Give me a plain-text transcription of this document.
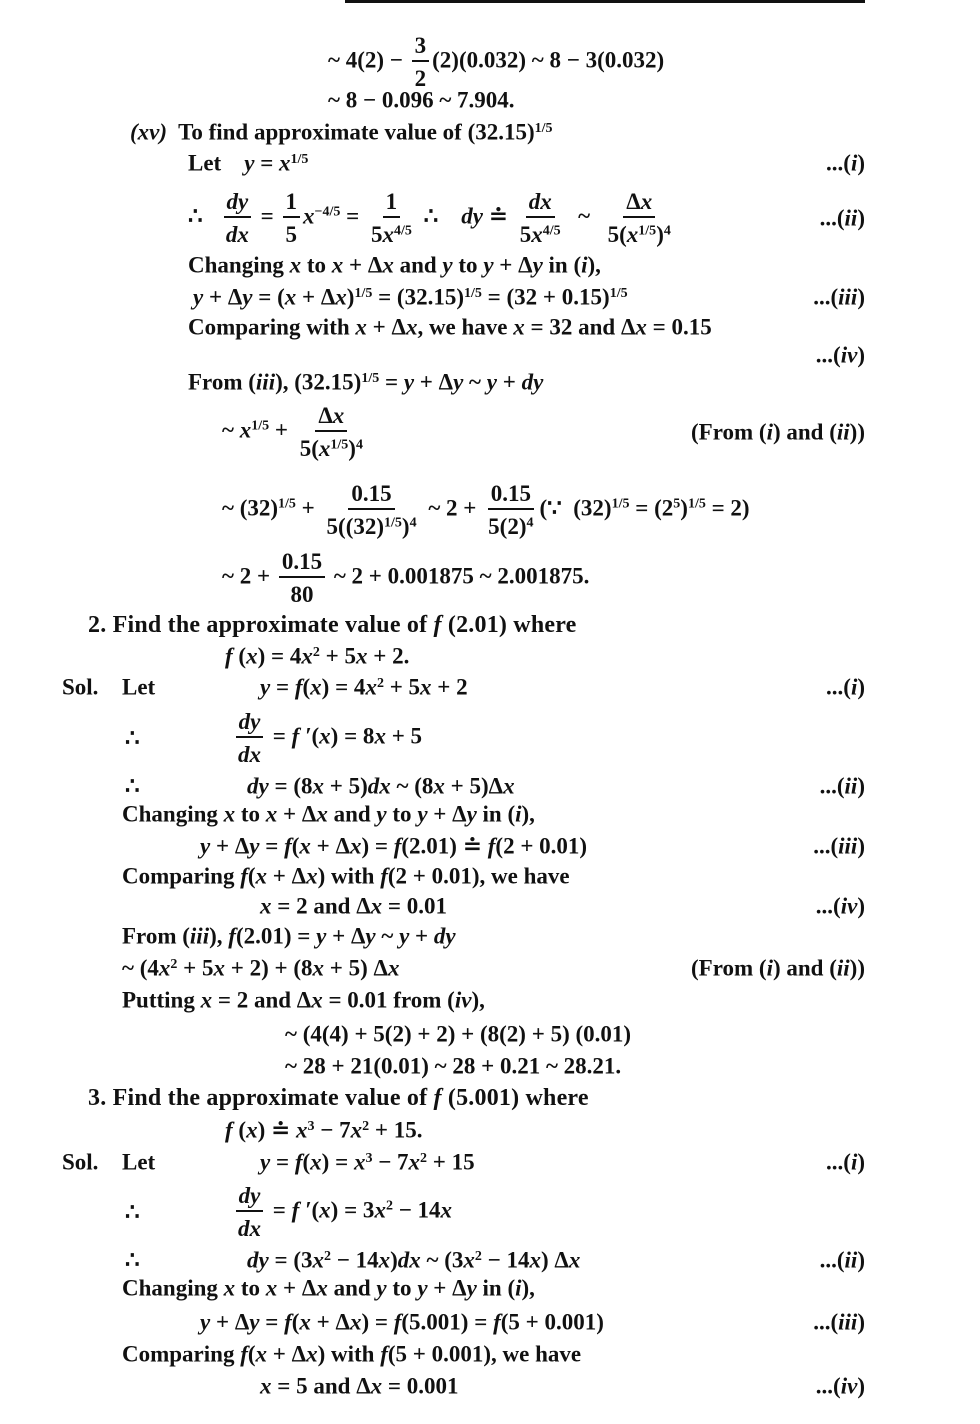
~ $4(2) - \frac{3}{2} (2)(0.032)$ ~ 8 − 3(0.032)
~ 8 − 0.096 ~ 7.904.
(xv)  To find approximate value of $(32.15)^{1/5}$
Let    $y = x^{1/5}$	...(i)
∴ $\frac{dy}{dx} = \frac{1}{5} x^{-4/5} = \frac{1}{5x^{4/5}}$ ∴    dy ≐ $\frac{dx}{5x^{4/5}}$ ~ $\frac{\Delta x}{5(x^{1/5})^4}$	...(ii)
Changing x to x + Δx and y to y + Δy in (i),
$y + \Delta y = (x + \Delta x)^{1/5} = (32.15)^{1/5} = (32 + 0.15)^{1/5}$	...(iii)
Comparing with x + Δx, we have x = 32 and Δx = 0.15
...(iv)
From (iii), $(32.15)^{1/5} = y + \Delta y$ ~ y + dy
~ $x^{1/5} + \frac{\Delta x}{5(x^{1/5})^4}$	(From (i) and (ii))
~ $(32)^{1/5} + \frac{0.15}{5((32)^{1/5})^4}$ ~ $2 + \frac{0.15}{5(2)^4}$ (∵  $(32)^{1/5} = (2^5)^{1/5} = 2$)
~ $2 + \frac{0.15}{80}$ ~ 2 + 0.001875 ~ 2.001875.
2. Find the approximate value of f (2.01) where
f $(x) = 4x^2 + 5x + 2$.
Sol. Let	$y = f(x) = 4x^2 + 5x + 2$	...(i)
∴	$\frac{dy}{dx} = f$ ′(x) = 8x + 5
∴	dy = (8x + 5)dx ~ (8x + 5)Δx	...(ii)
Changing x to x + Δx and y to y + Δy in (i),
y + Δy = f(x + Δx) = f(2.01) ≐ f(2 + 0.01)	...(iii)
Comparing f(x + Δx) with f(2 + 0.01), we have
x = 2 and Δx = 0.01	...(iv)
From (iii), f(2.01) = y + Δy ~ y + dy
~ $(4x^2 + 5x + 2) + (8x + 5)$ Δx	(From (i) and (ii))
Putting x = 2 and Δx = 0.01 from (iv),
~ (4(4) + 5(2) + 2) + (8(2) + 5) (0.01)
~ 28 + 21(0.01) ~ 28 + 0.21 ~ 28.21.
3. Find the approximate value of f (5.001) where
f (x) ≐ $x^3 - 7x^2 + 15$.
Sol. Let	$y = f(x) = x^3 - 7x^2 + 15$	...(i)
∴	$\frac{dy}{dx} = f$ $'(x) = 3x^2 - 14x$
∴	dy = $(3x^2 - 14x)dx$ ~ $(3x^2 - 14x)$ Δx	...(ii)
Changing x to x + Δx and y to y + Δy in (i),
y + Δy = f(x + Δx) = f(5.001) = f(5 + 0.001)	...(iii)
Comparing f(x + Δx) with f(5 + 0.001), we have
x = 5 and Δx = 0.001	...(iv)
